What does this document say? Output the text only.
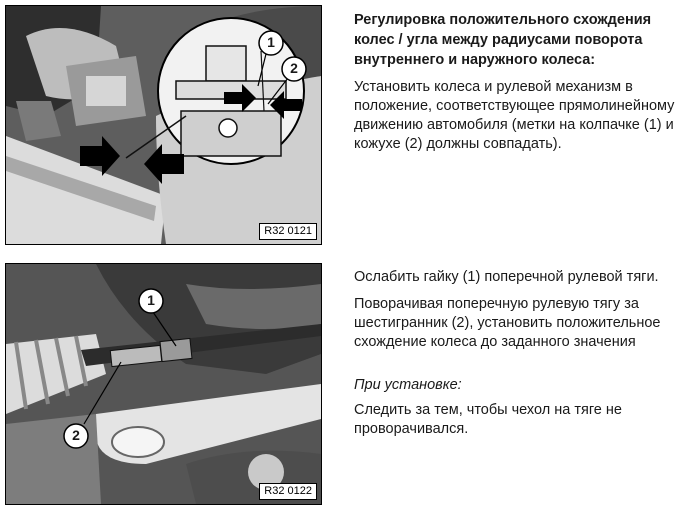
1
2
R32 0121

Регулировка положительного схождения колес / угла между радиусами поворота внутреннего и наружного колеса:

Установить колеса и рулевой механизм в положение, соответствующее прямолинейному движению автомобиля (метки на колпачке (1) и кожухе (2) должны совпадать).

1
2
R32 0122

Ослабить гайку (1) поперечной рулевой тяги.

Поворачивая поперечную рулевую тягу за шестигранник (2), установить положительное схождение колеса до заданного значения

При установке:

Следить за тем, чтобы чехол на тяге не проворачивался.
